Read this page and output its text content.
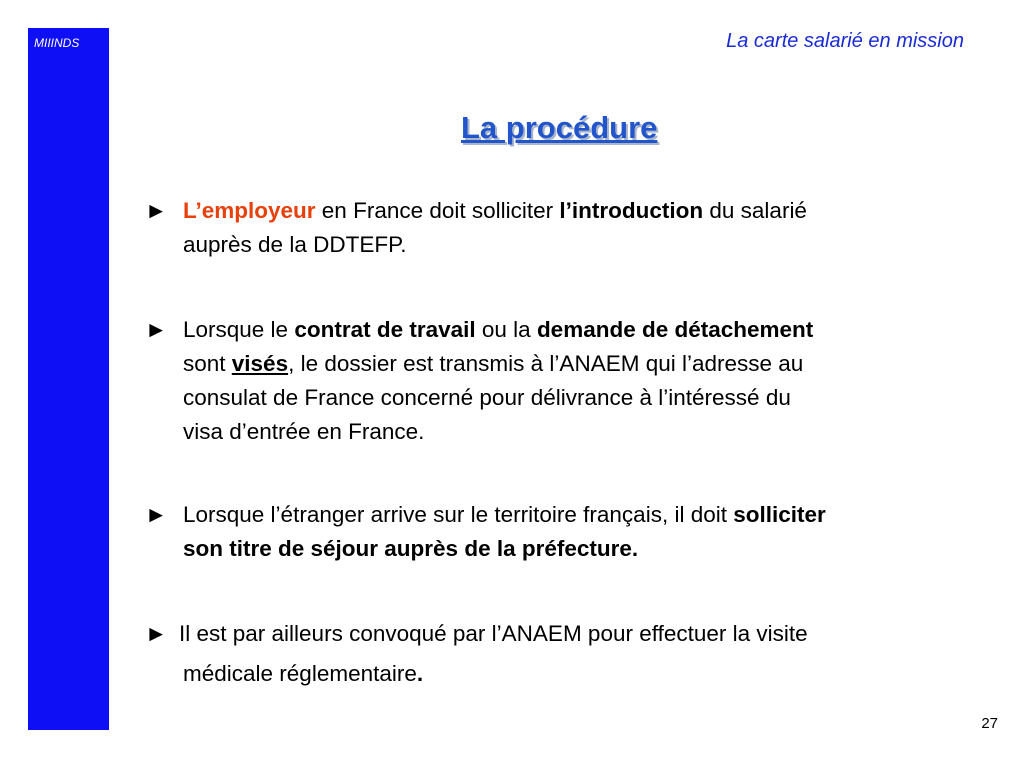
MIIINDS	La carte salarié en mission
La procédure
► L’employeur en France doit solliciter l’introduction du salarié
auprès de la DDTEFP.
► Lorsque le contrat de travail ou la demande de détachement
sont visés, le dossier est transmis à l’ANAEM qui l’adresse au
consulat de France concerné pour délivrance à l’intéressé du
visa d’entrée en France.
► Lorsque l’étranger arrive sur le territoire français, il doit solliciter
son titre de séjour auprès de la préfecture.
► Il est par ailleurs convoqué par l’ANAEM pour effectuer la visite
médicale réglementaire.
27
